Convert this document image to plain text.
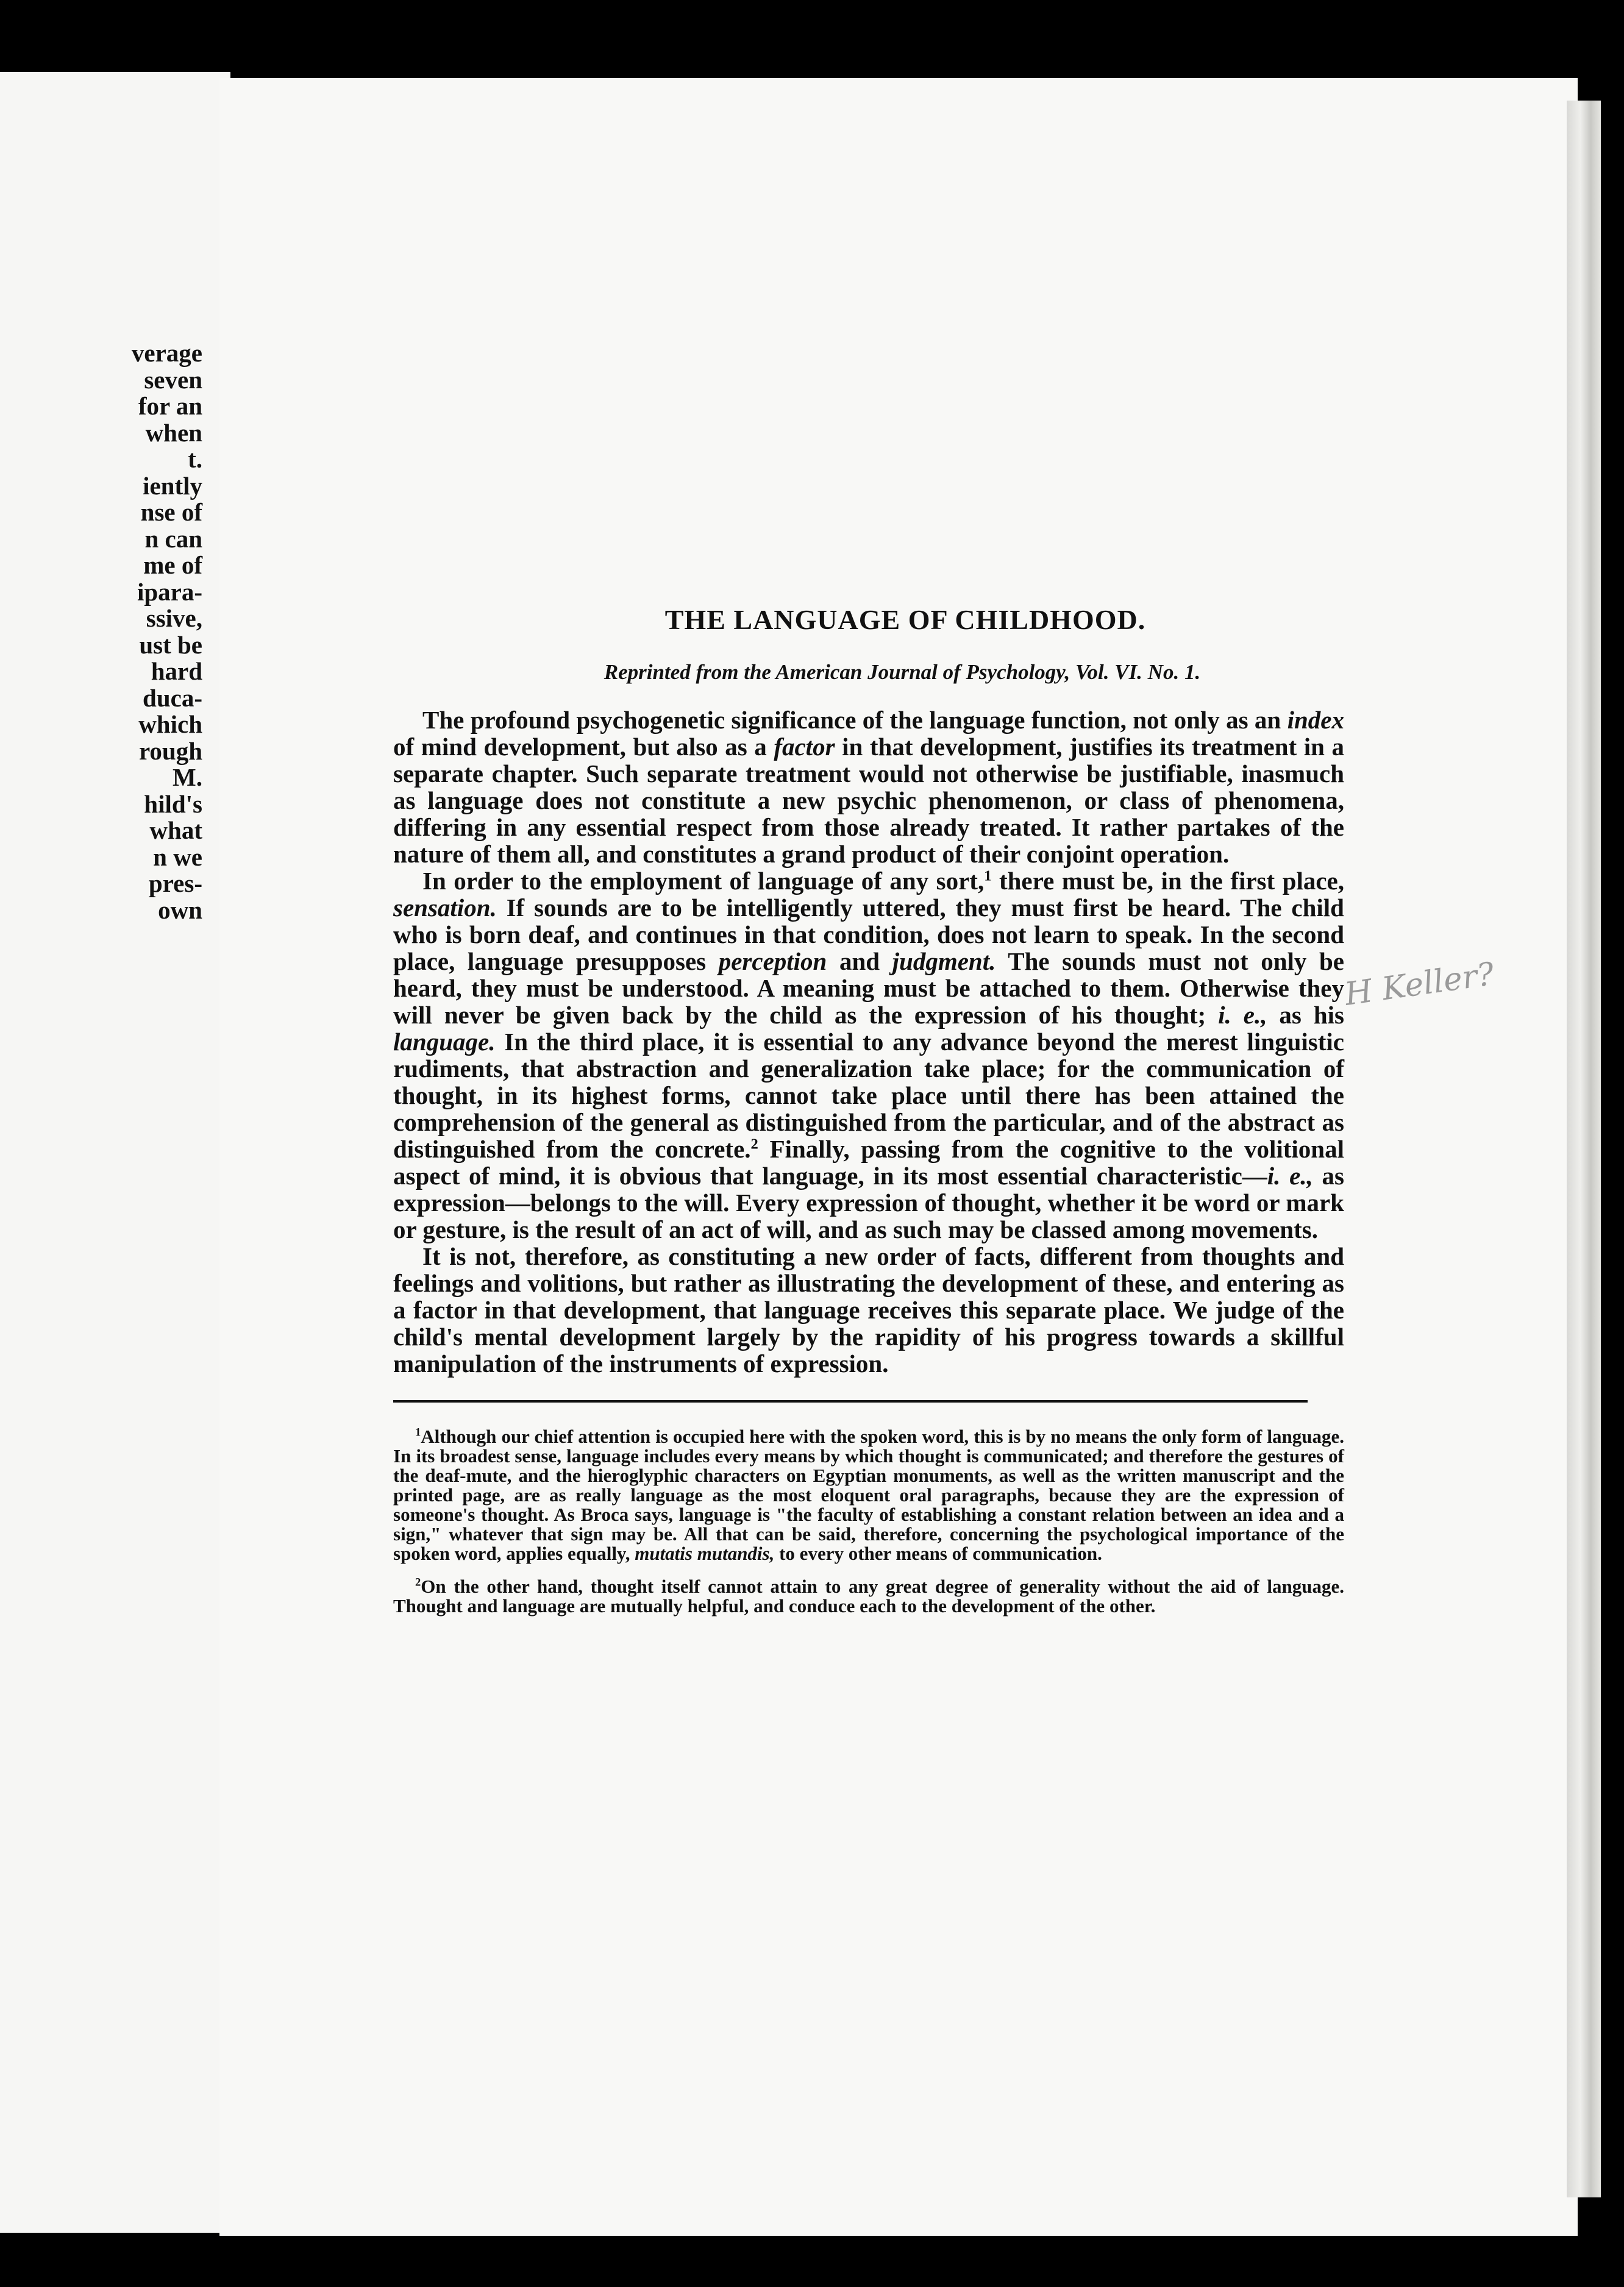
verage
seven
for an
when
t.
iently
nse of
n can
me of
ipara-
ssive,
ust be
hard
duca-
which
rough
M.
hild's
what
n we
pres-
own
THE LANGUAGE OF CHILDHOOD.

Reprinted from the American Journal of Psychology, Vol. VI. No. 1.

The profound psychogenetic significance of the language function, not only as an index of mind development, but also as a factor in that development, justifies its treatment in a separate chapter. Such separate treatment would not otherwise be justifiable, inasmuch as language does not constitute a new psychic phenomenon, or class of phenomena, differing in any essential respect from those already treated. It rather partakes of the nature of them all, and constitutes a grand product of their conjoint operation.

In order to the employment of language of any sort,$^1$ there must be, in the first place, sensation. If sounds are to be intelligently uttered, they must first be heard. The child who is born deaf, and continues in that condition, does not learn to speak. In the second place, language presupposes perception and judgment. The sounds must not only be heard, they must be understood. A meaning must be attached to them. Otherwise they will never be given back by the child as the expression of his thought; i. e., as his language. In the third place, it is essential to any advance beyond the merest linguistic rudiments, that abstraction and generalization take place; for the communication of thought, in its highest forms, cannot take place until there has been attained the comprehension of the general as distinguished from the particular, and of the abstract as distinguished from the concrete.$^2$ Finally, passing from the cognitive to the volitional aspect of mind, it is obvious that language, in its most essential characteristic—i. e., as expression—belongs to the will. Every expression of thought, whether it be word or mark or gesture, is the result of an act of will, and as such may be classed among movements.

It is not, therefore, as constituting a new order of facts, different from thoughts and feelings and volitions, but rather as illustrating the development of these, and entering as a factor in that development, that language receives this separate place. We judge of the child's mental development largely by the rapidity of his progress towards a skillful manipulation of the instruments of expression.

$^1$Although our chief attention is occupied here with the spoken word, this is by no means the only form of language. In its broadest sense, language includes every means by which thought is communicated; and therefore the gestures of the deaf-mute, and the hieroglyphic characters on Egyptian monuments, as well as the written manuscript and the printed page, are as really language as the most eloquent oral paragraphs, because they are the expression of someone's thought. As Broca says, language is "the faculty of establishing a constant relation between an idea and a sign," whatever that sign may be. All that can be said, therefore, concerning the psychological importance of the spoken word, applies equally, mutatis mutandis, to every other means of communication.

$^2$On the other hand, thought itself cannot attain to any great degree of generality without the aid of language. Thought and language are mutually helpful, and conduce each to the development of the other.

H Keller?
